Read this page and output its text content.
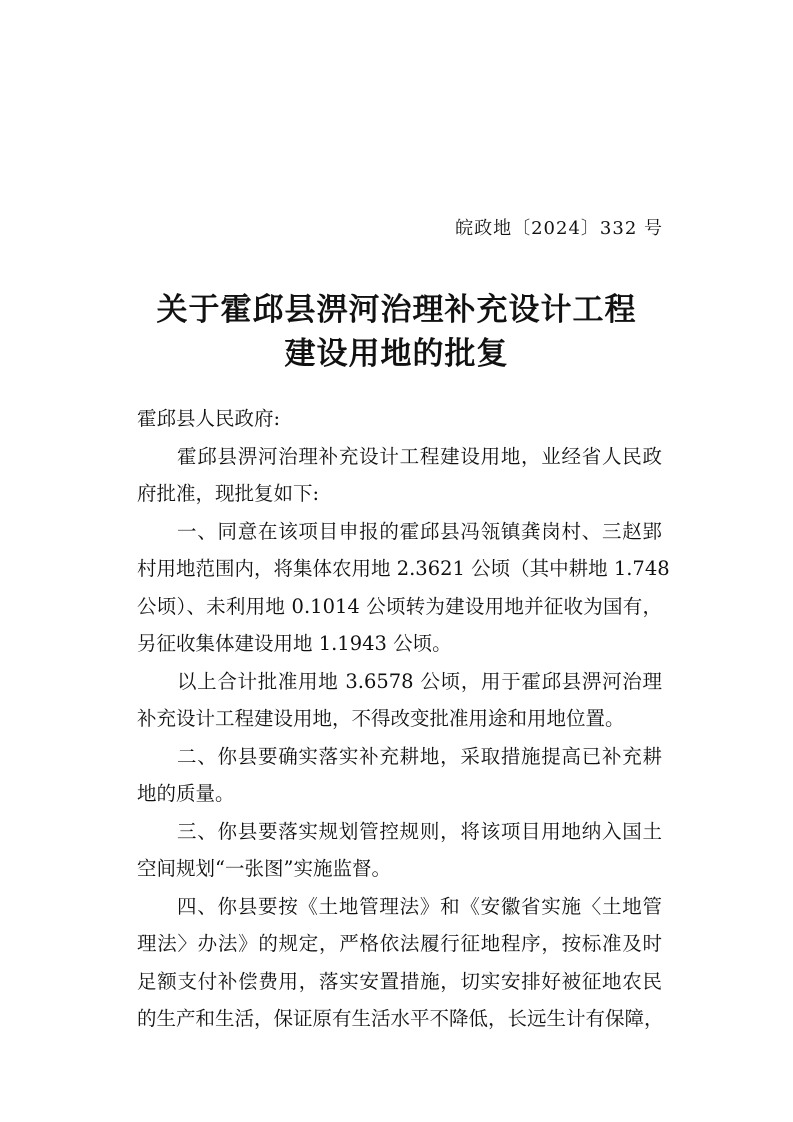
皖政地〔2024〕332 号
关于霍邱县淠河治理补充设计工程
建设用地的批复
霍邱县人民政府:
霍邱县淠河治理补充设计工程建设用地，业经省人民政
府批准，现批复如下:
一、同意在该项目申报的霍邱县冯瓴镇龚岗村、三赵郢
村用地范围内，将集体农用地 2.3621 公顷（其中耕地 1.748
公顷）、未利用地 0.1014 公顷转为建设用地并征收为国有，
另征收集体建设用地 1.1943 公顷。
以上合计批准用地 3.6578 公顷，用于霍邱县淠河治理
补充设计工程建设用地，不得改变批准用途和用地位置。
二、你县要确实落实补充耕地，采取措施提高已补充耕
地的质量。
三、你县要落实规划管控规则，将该项目用地纳入国土
空间规划“一张图”实施监督。
四、你县要按《土地管理法》和《安徽省实施〈土地管
理法〉办法》的规定，严格依法履行征地程序，按标准及时
足额支付补偿费用，落实安置措施，切实安排好被征地农民
的生产和生活，保证原有生活水平不降低，长远生计有保障，
